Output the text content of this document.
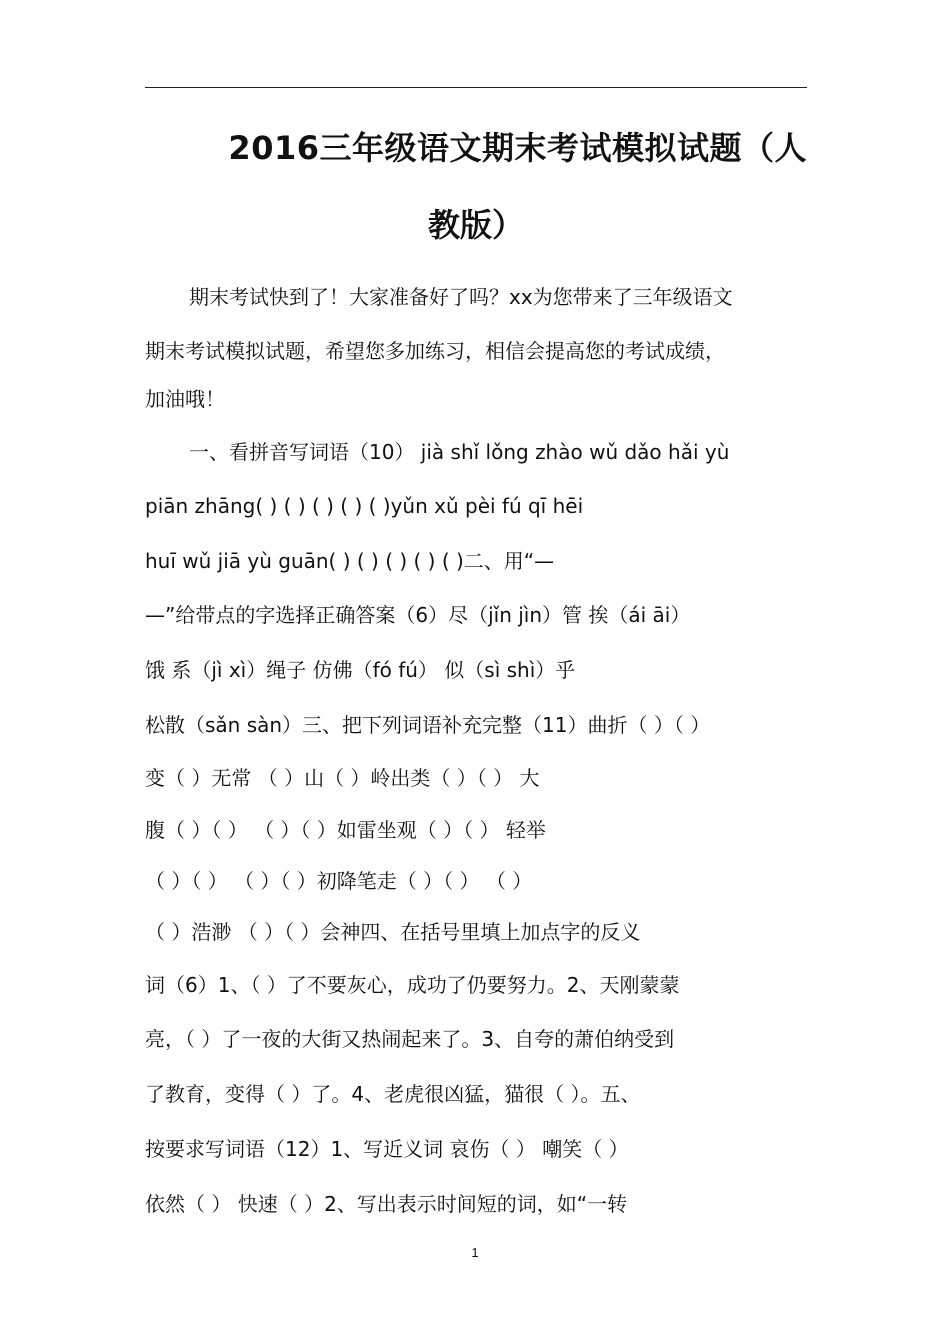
2016三年级语文期末考试模拟试题（人
教版）
期末考试快到了！大家准备好了吗？xx为您带来了三年级语文
期末考试模拟试题，希望您多加练习，相信会提高您的考试成绩，
加油哦！
一、看拼音写词语（10） jià shǐ lǒng zhào wǔ dǎo hǎi yù
piān zhāng( ) ( ) ( ) ( ) ( )yǔn xǔ pèi fú qī hēi
huī wǔ jiā yù guān( ) ( ) ( ) ( ) ( )二、用“—
—”给带点的字选择正确答案（6）尽（jǐn jìn）管 挨（ái āi）
饿 系（jì xì）绳子 仿佛（fó fú） 似（sì shì）乎
松散（sǎn sàn）三、把下列词语补充完整（11）曲折（ ）（ ）
变（ ）无常 （ ）山（ ）岭出类（ ）（ ） 大
腹（ ）（ ） （ ）（ ）如雷坐观（ ）（ ） 轻举
（ ）（ ） （ ）（ ）初降笔走（ ）（ ） （ ）
（ ）浩渺 （ ）（ ）会神四、在括号里填上加点字的反义
词（6）1、（ ）了不要灰心，成功了仍要努力。2、天刚蒙蒙
亮，（ ）了一夜的大街又热闹起来了。3、自夸的萧伯纳受到
了教育，变得（ ）了。4、老虎很凶猛，猫很（ ）。五、
按要求写词语（12）1、写近义词 哀伤（ ） 嘲笑（ ）
依然（ ） 快速（ ）2、写出表示时间短的词，如“一转
1
